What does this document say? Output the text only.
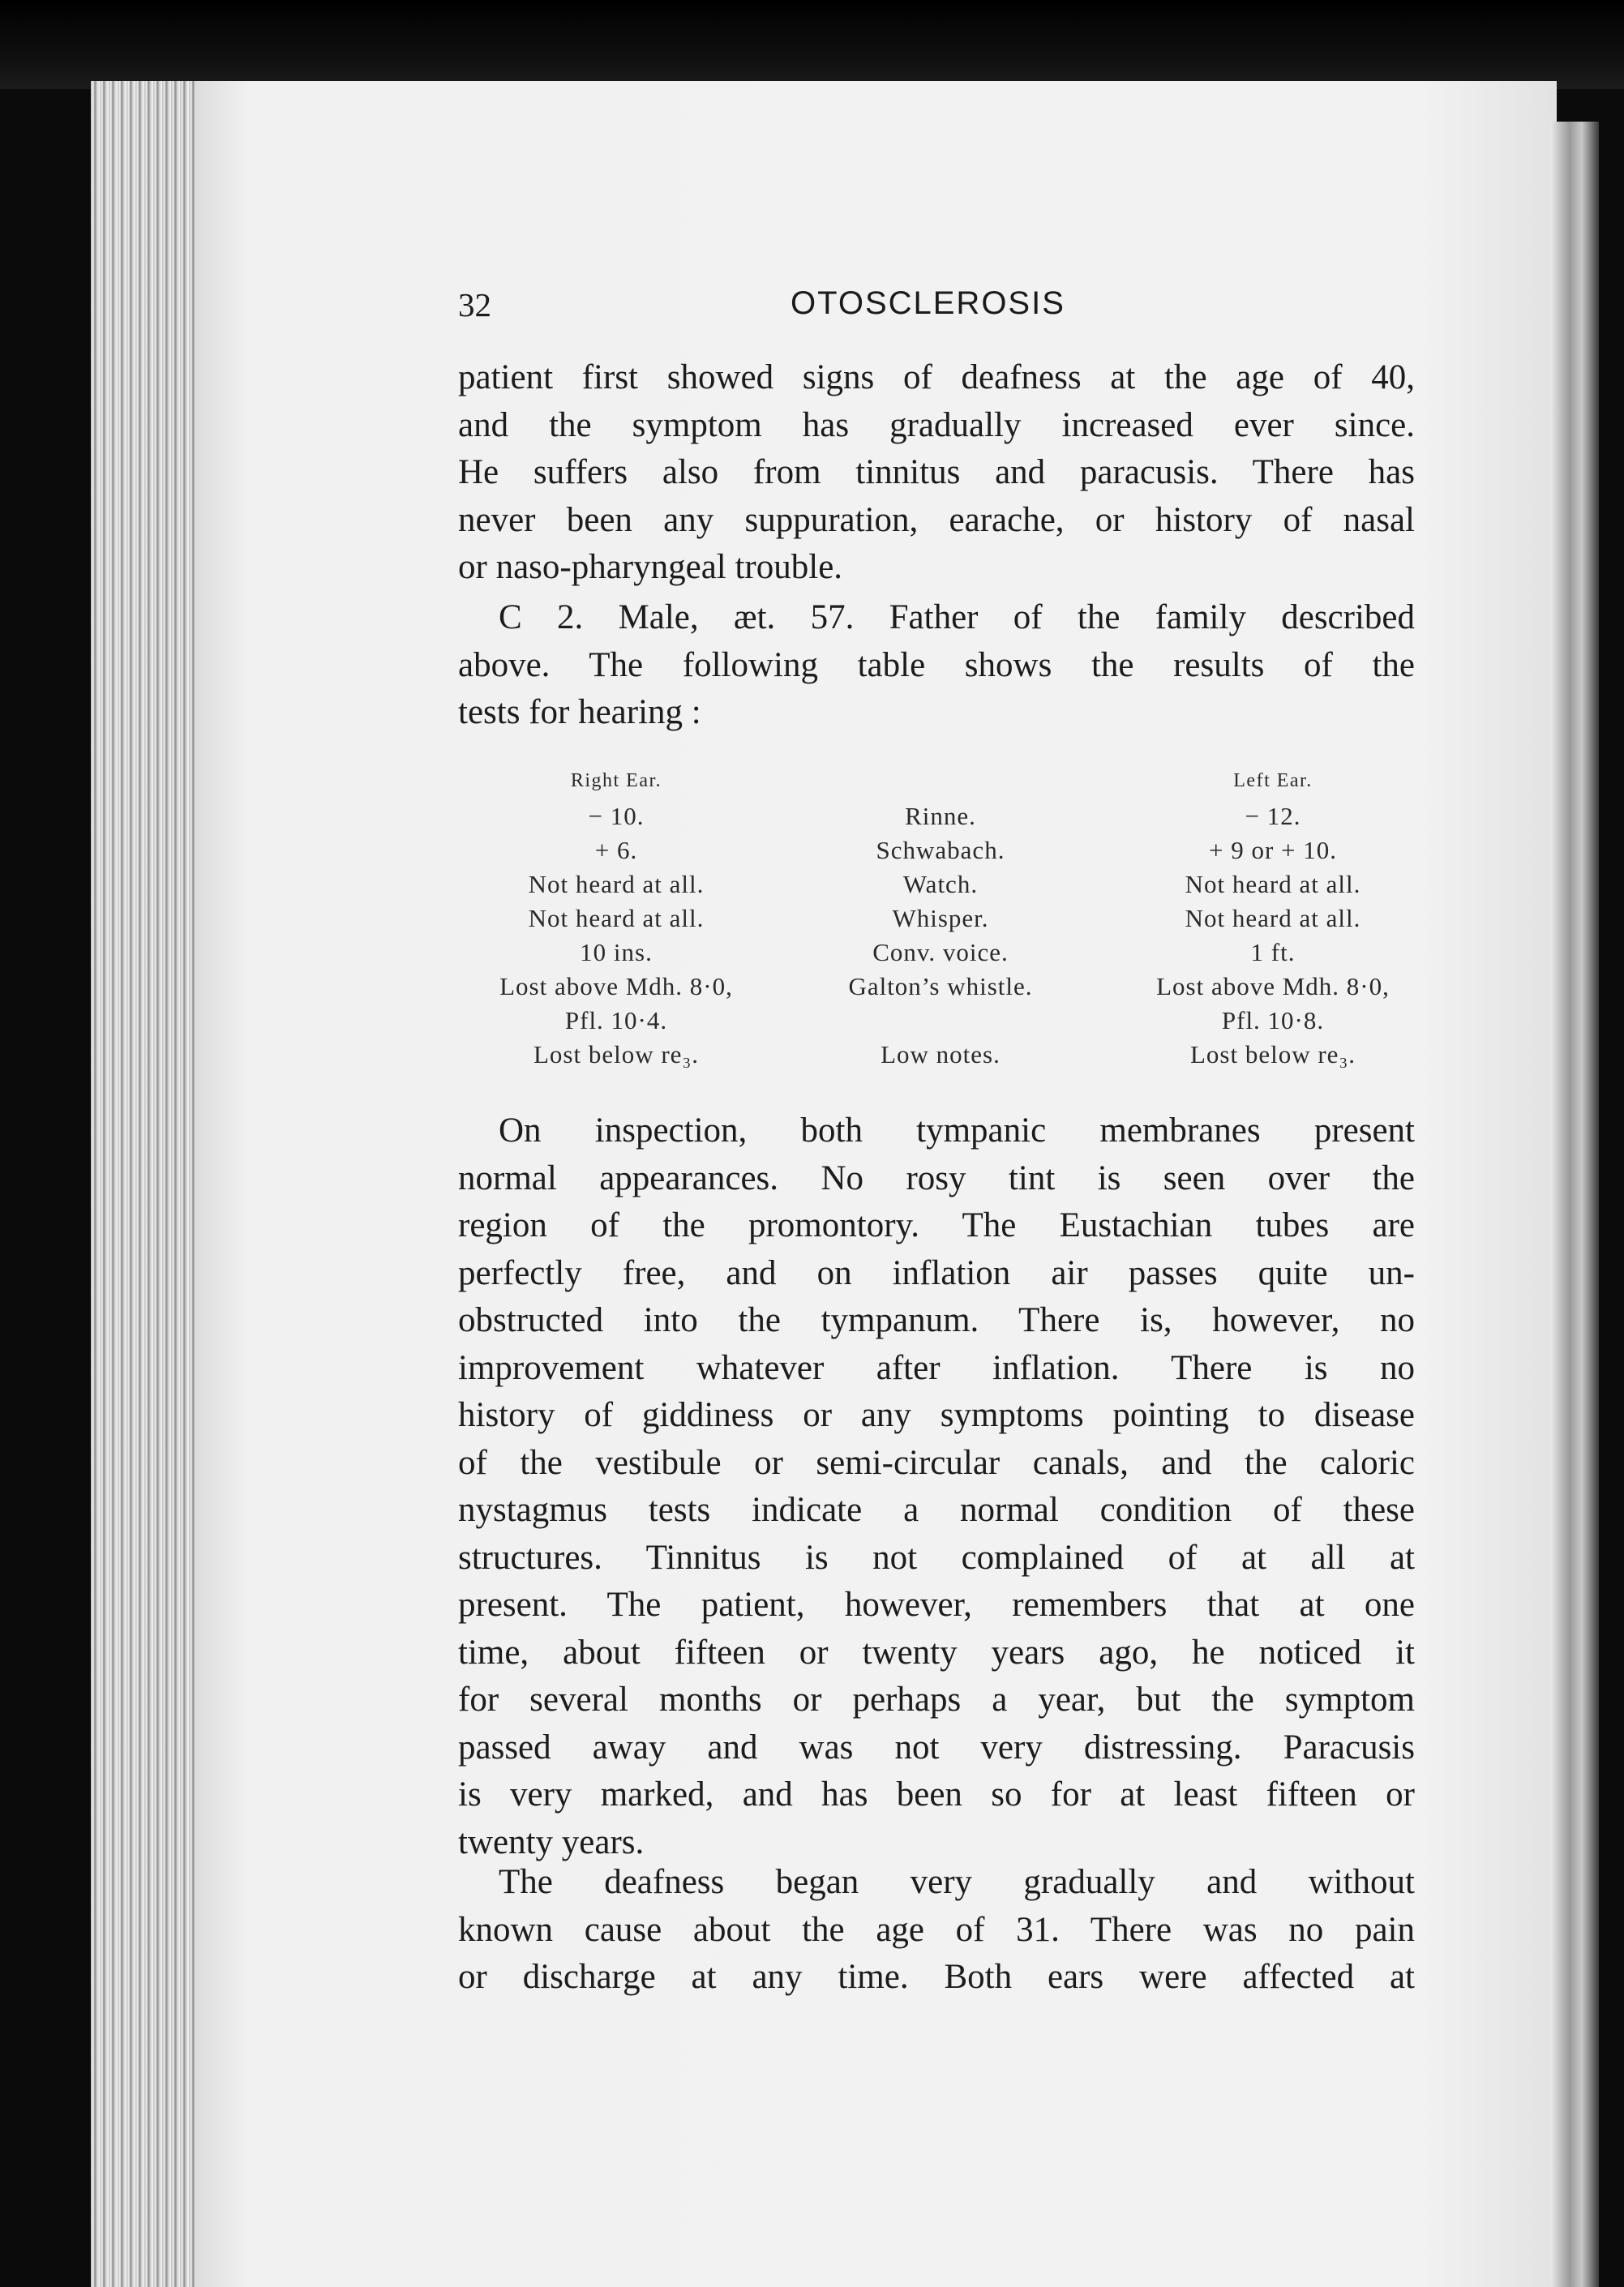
32	OTOSCLEROSIS
patient first showed signs of deafness at the age of 40,
and the symptom has gradually increased ever since.
He suffers also from tinnitus and paracusis. There has
never been any suppuration, earache, or history of nasal
or naso-pharyngeal trouble.
C 2. Male, æt. 57. Father of the family described
above. The following table shows the results of the
tests for hearing :
Right Ear.		Left Ear.
− 10.	Rinne.	− 12.
+ 6.	Schwabach.	+ 9 or + 10.
Not heard at all.	Watch.	Not heard at all.
Not heard at all.	Whisper.	Not heard at all.
10 ins.	Conv. voice.	1 ft.
Lost above Mdh. 8·0,	Galton’s whistle.	Lost above Mdh. 8·0,
Pfl. 10·4.		Pfl. 10·8.
Lost below re₃.	Low notes.	Lost below re₃.
On inspection, both tympanic membranes present
normal appearances. No rosy tint is seen over the
region of the promontory. The Eustachian tubes are
perfectly free, and on inflation air passes quite un-
obstructed into the tympanum. There is, however, no
improvement whatever after inflation. There is no
history of giddiness or any symptoms pointing to disease
of the vestibule or semi-circular canals, and the caloric
nystagmus tests indicate a normal condition of these
structures. Tinnitus is not complained of at all at
present. The patient, however, remembers that at one
time, about fifteen or twenty years ago, he noticed it
for several months or perhaps a year, but the symptom
passed away and was not very distressing. Paracusis
is very marked, and has been so for at least fifteen or
twenty years.
The deafness began very gradually and without
known cause about the age of 31. There was no pain
or discharge at any time. Both ears were affected at
